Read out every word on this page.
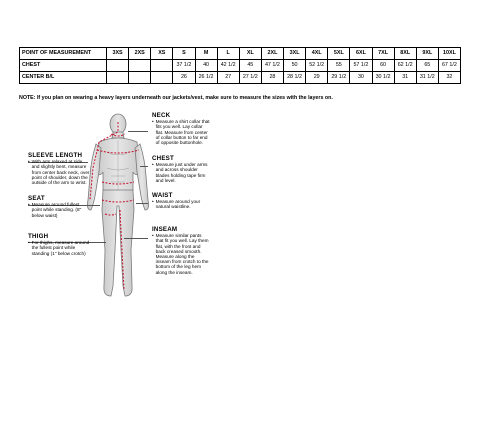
POINT OF MEASUREMENT	3XS	2XS	XS	S	M	L	XL	2XL	3XL	4XL	5XL	6XL	7XL	8XL	9XL	10XL
CHEST				37 1/2	40	42 1/2	45	47 1/2	50	52 1/2	55	57 1/2	60	62 1/2	65	67 1/2
CENTER B/L				26	26 1/2	27	27 1/2	28	28 1/2	29	29 1/2	30	30 1/2	31	31 1/2	32
NOTE: If you plan on wearing a heavy layers underneath our jackets/vest, make sure to measure the sizes with the layers on.
NECK
• Measure a shirt collar that fits you well. Lay collar flat. Measure from center of collar button to far end of opposite buttonhole.
CHEST
• Measure just under arms and across shoulder blades holding tape firm and level.
WAIST
• Measure around your natural waistline.
INSEAM
• Measure similar pants that fit you well. Lay them flat, with the front and back creased smooth. Measure along the inseam from crotch to the bottom of the leg hem along the inseam.
SLEEVE LENGTH
• With arm relaxed at side and slightly bent, measure from center back neck, over point of shoulder, down the outside of the arm to wrist.
SEAT
• Measure around fullest point while standing. (8" below waist)
THIGH
• For thighs, measure around the fullest point while standing (1" below crotch)
